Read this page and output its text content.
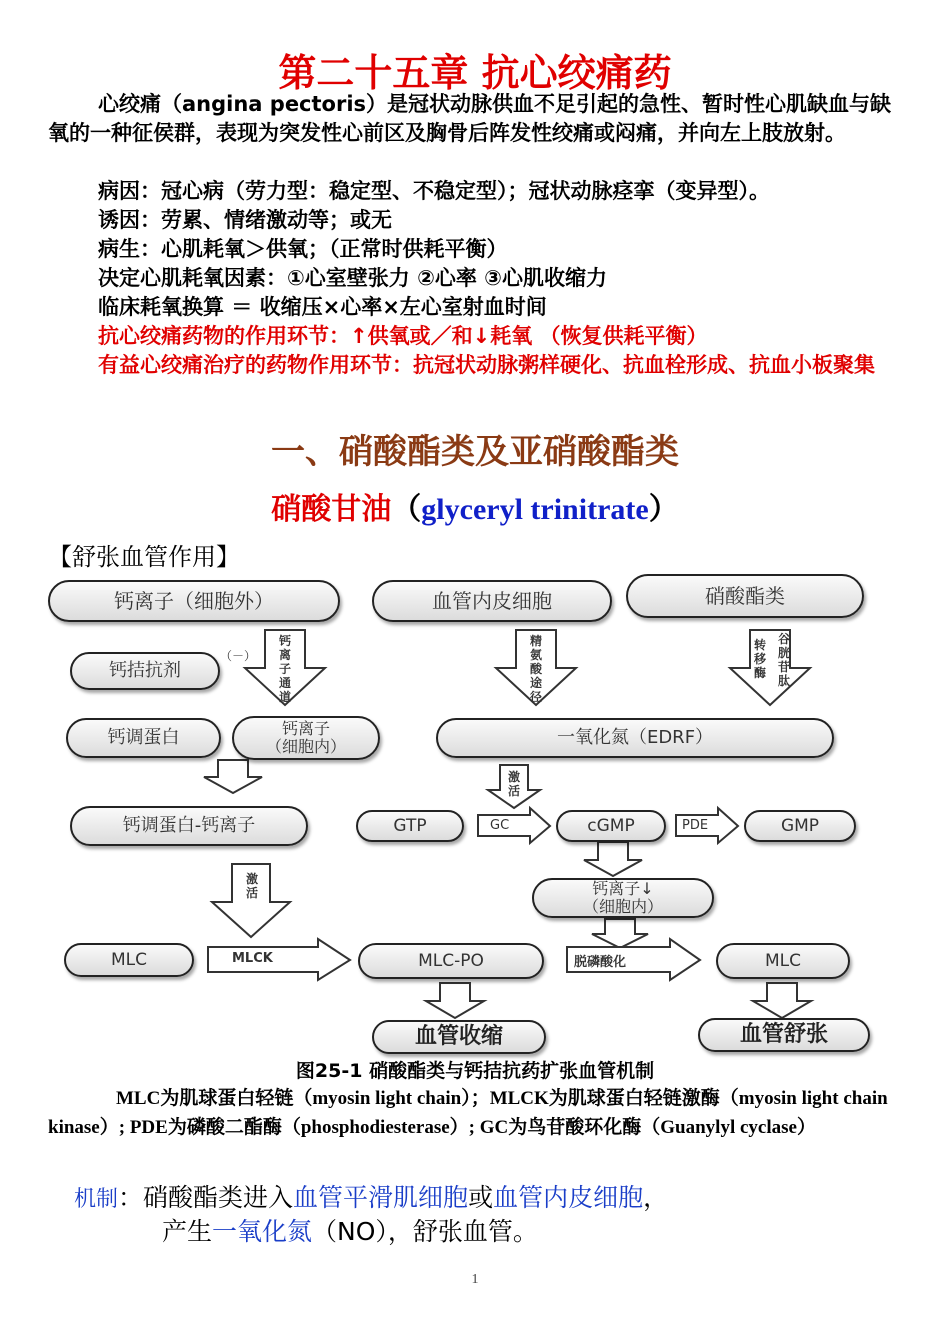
第二十五章 抗心绞痛药
心绞痛（angina pectoris）是冠状动脉供血不足引起的急性、暂时性心肌缺血与缺氧的一种征侯群，表现为突发性心前区及胸骨后阵发性绞痛或闷痛，并向左上肢放射。
病因：冠心病（劳力型：稳定型、不稳定型）；冠状动脉痉挛（变异型）。
诱因：劳累、情绪激动等；或无
病生：心肌耗氧＞供氧；（正常时供耗平衡）
决定心肌耗氧因素：①心室壁张力 ②心率 ③心肌收缩力
临床耗氧换算 ＝ 收缩压×心率×左心室射血时间
抗心绞痛药物的作用环节：↑供氧或／和↓耗氧 （恢复供耗平衡）
有益心绞痛治疗的药物作用环节：抗冠状动脉粥样硬化、抗血栓形成、抗血小板聚集
一、硝酸酯类及亚硝酸酯类
硝酸甘油（glyceryl trinitrate）
【舒张血管作用】
钙离子（细胞外）	血管内皮细胞	硝酸酯类
钙拮抗剂
（－）
钙离子通道
精氨酸途径
转移酶
谷胱苷肽
钙调蛋白	钙离子
（细胞内）	一氧化氮（EDRF）
激活
钙调蛋白-钙离子	GTP	GC	cGMP	PDE	GMP
激活	钙离子↓
（细胞内）
MLC	MLCK	MLC-PO	脱磷酸化	MLC
血管收缩	血管舒张
图25-1 硝酸酯类与钙拮抗药扩张血管机制
MLC为肌球蛋白轻链（myosin light chain）；MLCK为肌球蛋白轻链激酶（myosin light chain kinase）; PDE为磷酸二酯酶（phosphodiesterase）; GC为鸟苷酸环化酶（Guanylyl cyclase）
机制：硝酸酯类进入血管平滑肌细胞或血管内皮细胞，
产生一氧化氮（NO），舒张血管。
1
